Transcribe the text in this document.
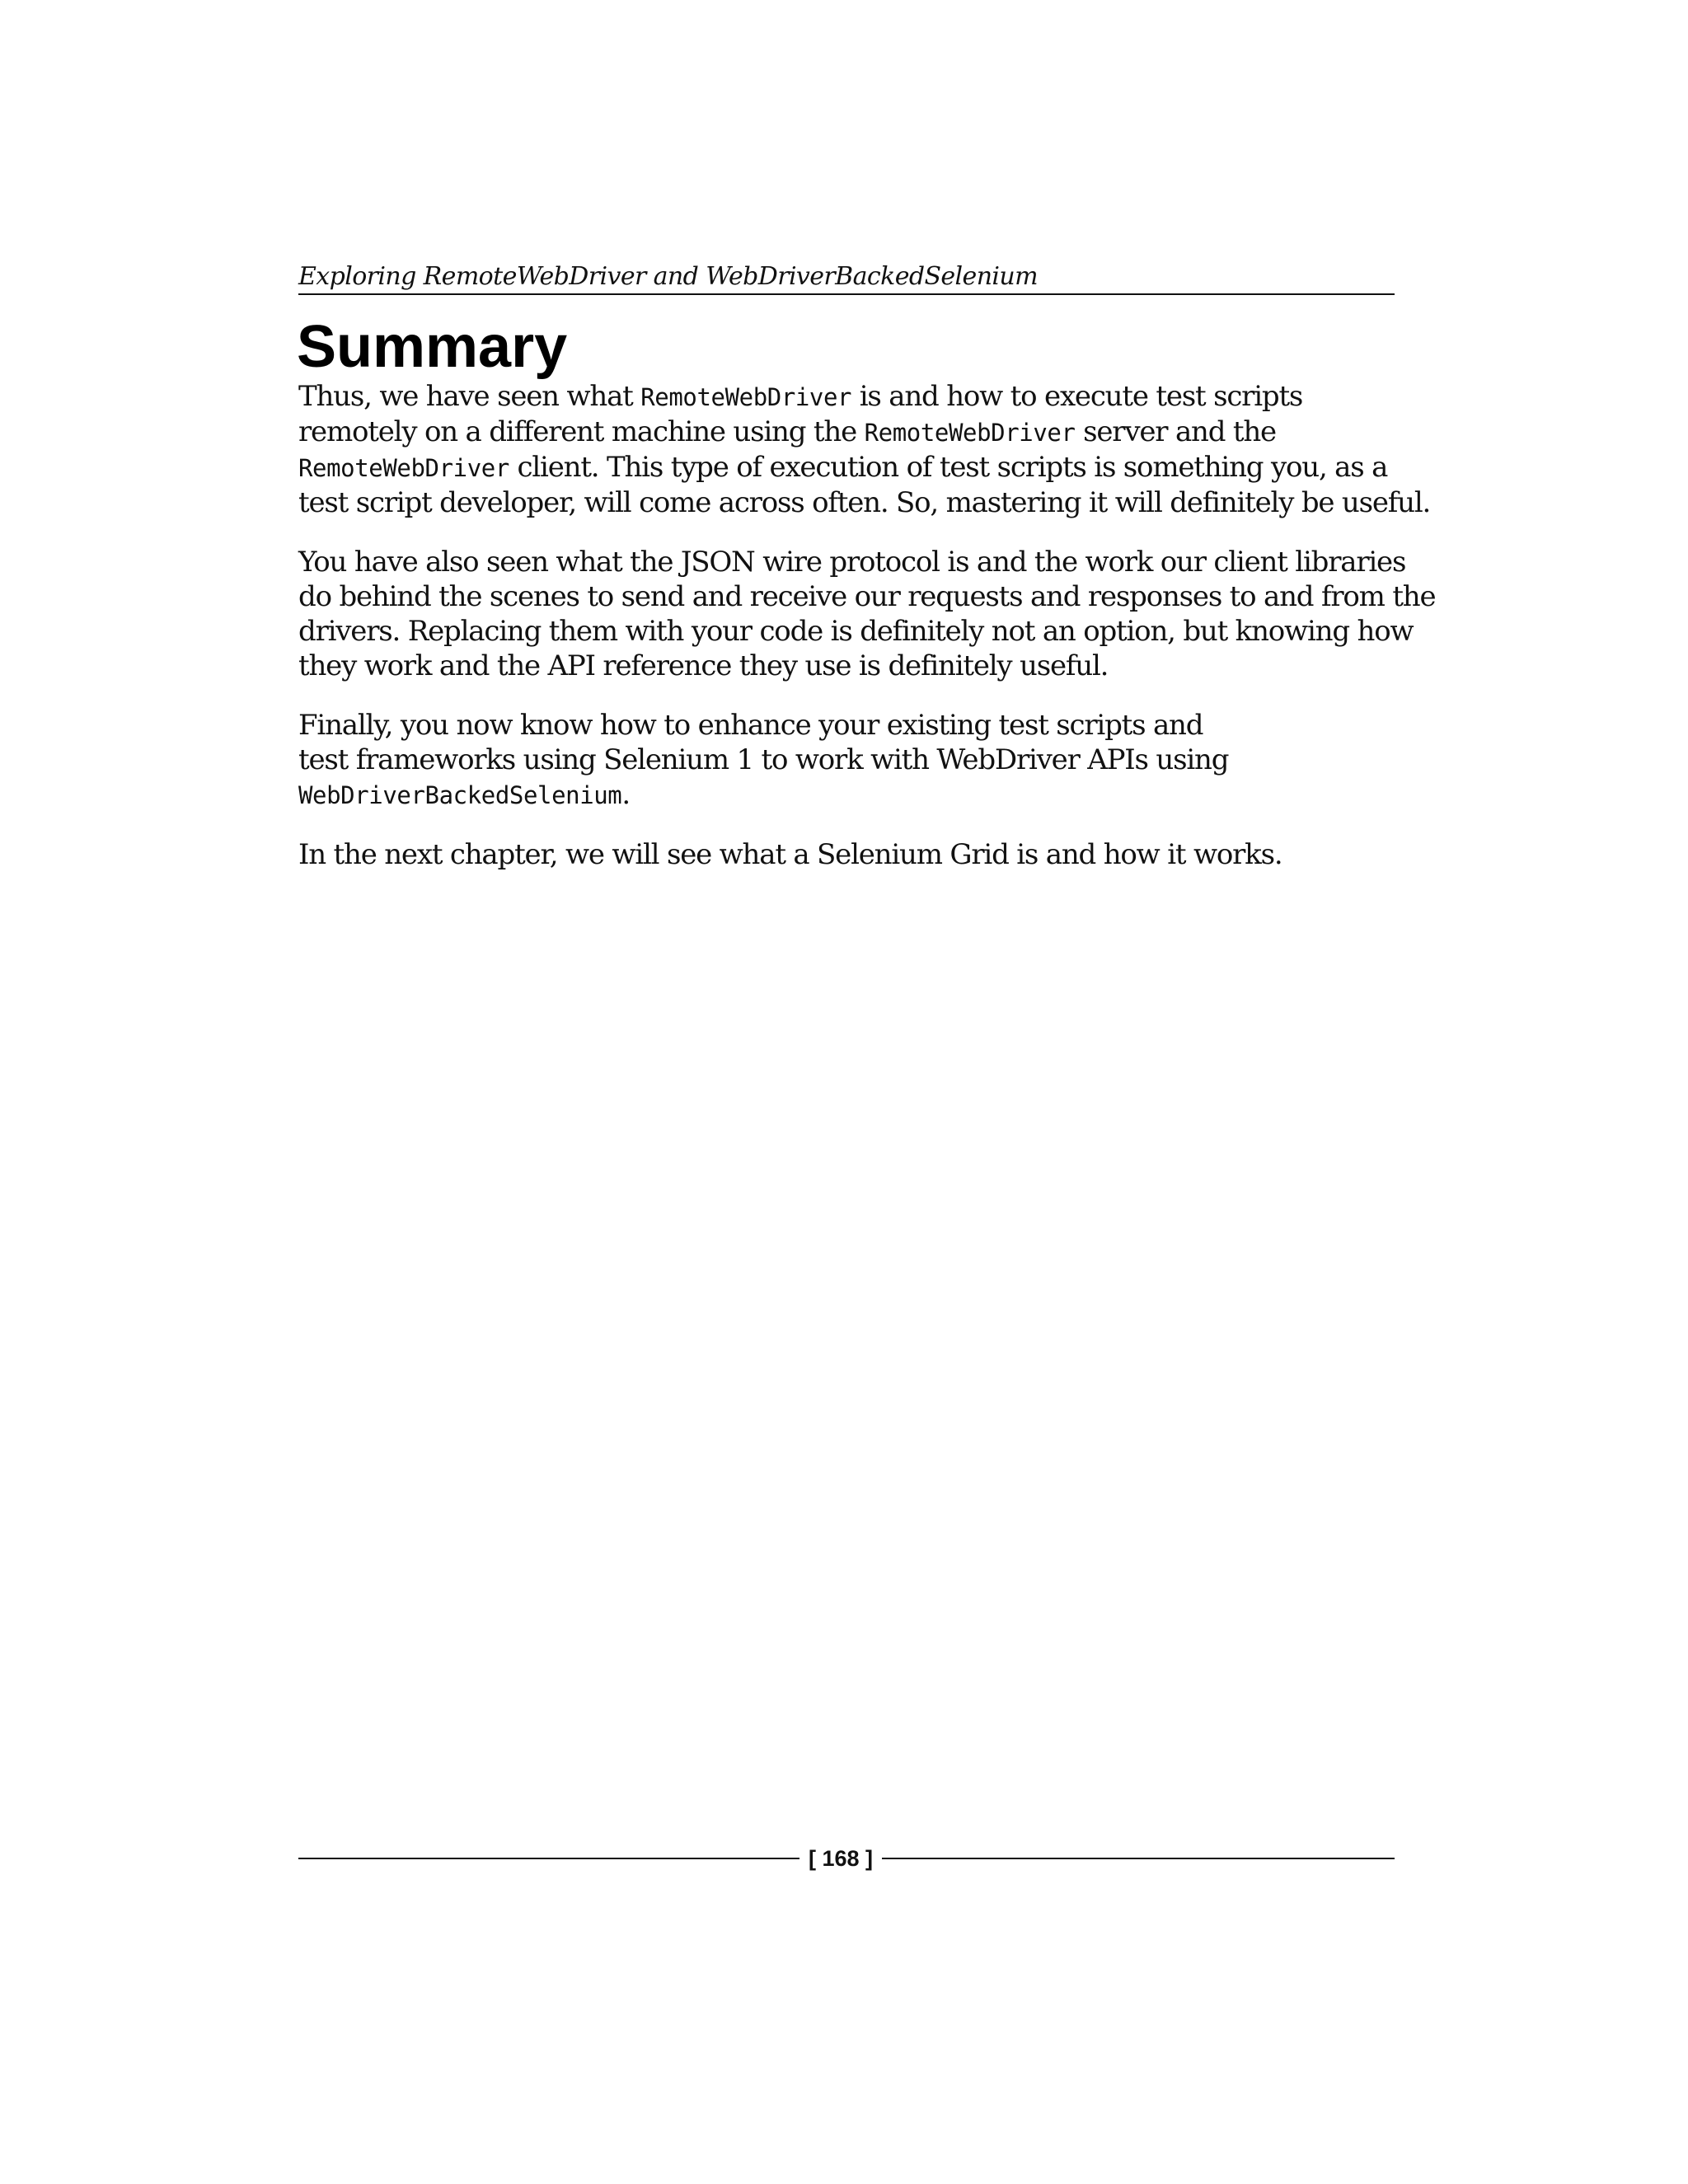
Exploring RemoteWebDriver and WebDriverBackedSelenium
Summary

Thus, we have seen what RemoteWebDriver is and how to execute test scripts
remotely on a different machine using the RemoteWebDriver server and the
RemoteWebDriver client. This type of execution of test scripts is something you, as a
test script developer, will come across often. So, mastering it will definitely be useful.

You have also seen what the JSON wire protocol is and the work our client libraries
do behind the scenes to send and receive our requests and responses to and from the
drivers. Replacing them with your code is definitely not an option, but knowing how
they work and the API reference they use is definitely useful.

Finally, you now know how to enhance your existing test scripts and
test frameworks using Selenium 1 to work with WebDriver APIs using
WebDriverBackedSelenium.

In the next chapter, we will see what a Selenium Grid is and how it works.

[ 168 ]
